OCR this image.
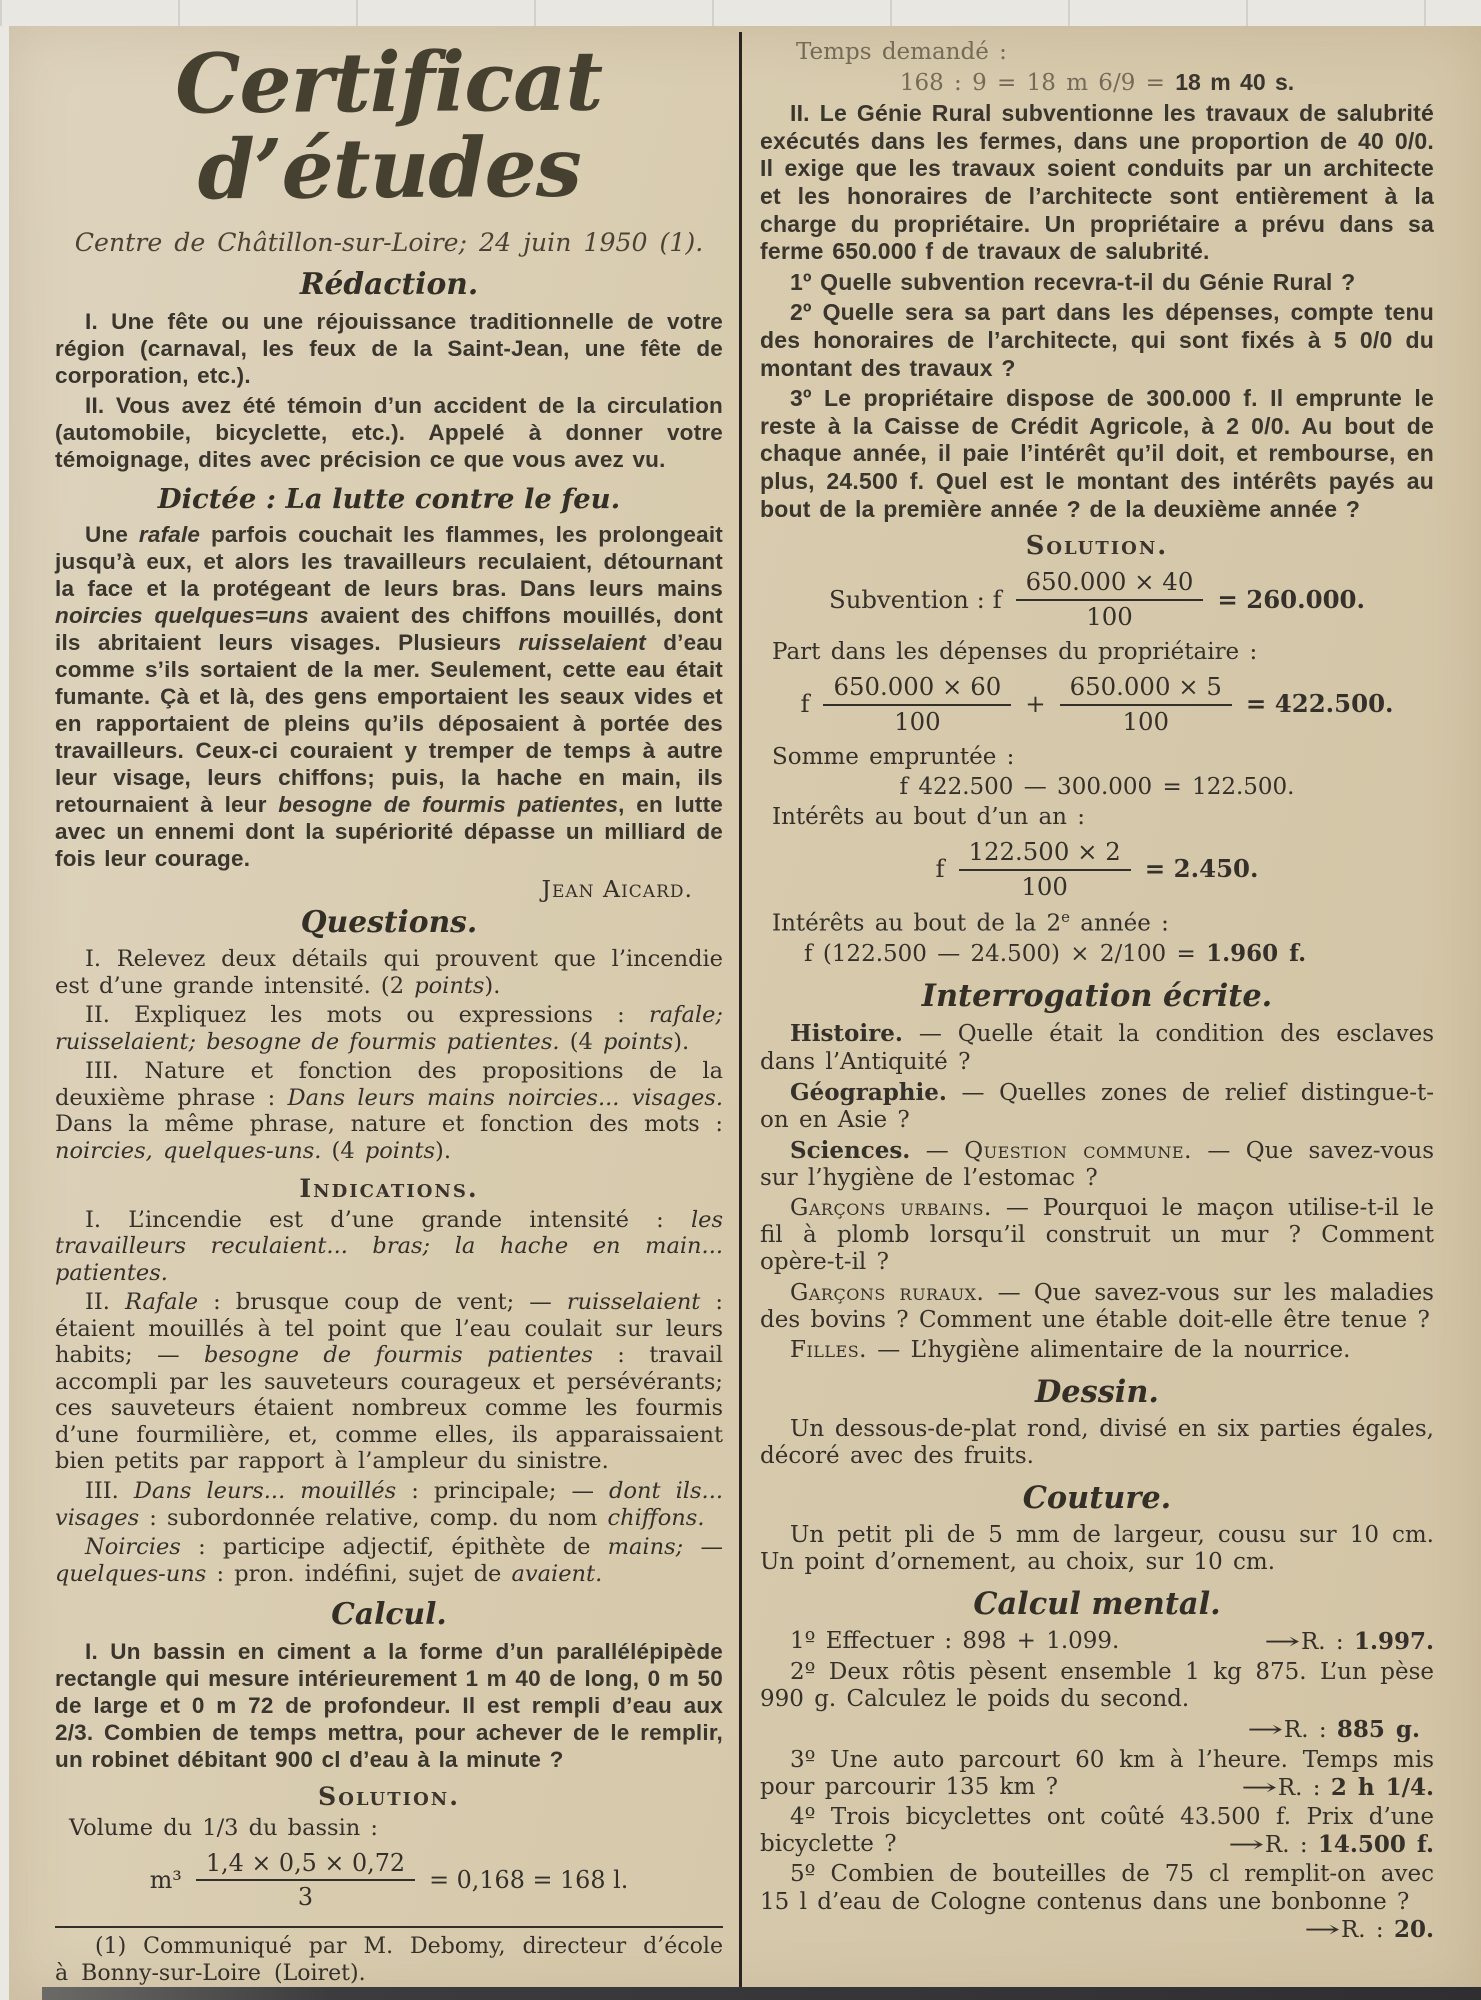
Certificat d’études

Centre de Châtillon-sur-Loire; 24 juin 1950 (1).

Rédaction.

I. Une fête ou une réjouissance traditionnelle de votre région (carnaval, les feux de la Saint-Jean, une fête de corporation, etc.).

II. Vous avez été témoin d’un accident de la circulation (automobile, bicyclette, etc.). Appelé à donner votre témoignage, dites avec précision ce que vous avez vu.

Dictée : La lutte contre le feu.

Une rafale parfois couchait les flammes, les prolongeait jusqu’à eux, et alors les travailleurs reculaient, détournant la face et la protégeant de leurs bras. Dans leurs mains noircies quelques=uns avaient des chiffons mouillés, dont ils abritaient leurs visages. Plusieurs ruisselaient d’eau comme s’ils sortaient de la mer. Seulement, cette eau était fumante. Çà et là, des gens emportaient les seaux vides et en rapportaient de pleins qu’ils déposaient à portée des travailleurs. Ceux-ci couraient y tremper de temps à autre leur visage, leurs chiffons; puis, la hache en main, ils retournaient à leur besogne de fourmis patientes, en lutte avec un ennemi dont la supériorité dépasse un milliard de fois leur courage.

Jean Aicard.

Questions.

I. Relevez deux détails qui prouvent que l’incendie est d’une grande intensité. (2 points).

II. Expliquez les mots ou expressions : rafale; ruisselaient; besogne de fourmis patientes. (4 points).

III. Nature et fonction des propositions de la deuxième phrase : Dans leurs mains noircies... visages. Dans la même phrase, nature et fonction des mots : noircies, quelques-uns. (4 points).

Indications.

I. L’incendie est d’une grande intensité : les travailleurs reculaient... bras; la hache en main... patientes.

II. Rafale : brusque coup de vent; — ruisselaient : étaient mouillés à tel point que l’eau coulait sur leurs habits; — besogne de fourmis patientes : travail accompli par les sauveteurs courageux et persévérants; ces sauveteurs étaient nombreux comme les fourmis d’une fourmilière, et, comme elles, ils apparaissaient bien petits par rapport à l’ampleur du sinistre.

III. Dans leurs... mouillés : principale; — dont ils... visages : subordonnée relative, comp. du nom chiffons.

Noircies : participe adjectif, épithète de mains; — quelques-uns : pron. indéfini, sujet de avaient.

Calcul.

I. Un bassin en ciment a la forme d’un parallélépipède rectangle qui mesure intérieurement 1 m 40 de long, 0 m 50 de large et 0 m 72 de profondeur. Il est rempli d’eau aux 2/3. Combien de temps mettra, pour achever de le remplir, un robinet débitant 900 cl d’eau à la minute ?

Solution.

Volume du 1/3 du bassin :

$m^3 \frac{1,4 \times 0,5 \times 0,72}{3} = 0,168 = 168$ l.

(1) Communiqué par M. Debomy, directeur d’école à Bonny-sur-Loire (Loiret).

Temps demandé :

168 : 9 = 18 m 6/9 = 18 m 40 s.

II. Le Génie Rural subventionne les travaux de salubrité exécutés dans les fermes, dans une proportion de 40 0/0. Il exige que les travaux soient conduits par un architecte et les honoraires de l’architecte sont entièrement à la charge du propriétaire. Un propriétaire a prévu dans sa ferme 650.000 f de travaux de salubrité.

1º Quelle subvention recevra-t-il du Génie Rural ?

2º Quelle sera sa part dans les dépenses, compte tenu des honoraires de l’architecte, qui sont fixés à 5 0/0 du montant des travaux ?

3º Le propriétaire dispose de 300.000 f. Il emprunte le reste à la Caisse de Crédit Agricole, à 2 0/0. Au bout de chaque année, il paie l’intérêt qu’il doit, et rembourse, en plus, 24.500 f. Quel est le montant des intérêts payés au bout de la première année ? de la deuxième année ?

Solution.
Subvention : f $\frac{650.000 \times 40}{100} = 260.000$.

Part dans les dépenses du propriétaire :

f $\frac{650.000 \times 60}{100} + \frac{650.000 \times 5}{100} = 422.500$.

Somme empruntée :

f 422.500 — 300.000 = 122.500.

Intérêts au bout d’un an :

f $\frac{122.500 \times 2}{100} = 2.450$.

Intérêts au bout de la 2e année :

f (122.500 — 24.500) × 2/100 = 1.960 f.

Interrogation écrite.

Histoire. — Quelle était la condition des esclaves dans l’Antiquité ?

Géographie. — Quelles zones de relief distingue-t-on en Asie ?

Sciences. — Question commune. — Que savez-vous sur l’hygiène de l’estomac ?

Garçons urbains. — Pourquoi le maçon utilise-t-il le fil à plomb lorsqu’il construit un mur ? Comment opère-t-il ?

Garçons ruraux. — Que savez-vous sur les maladies des bovins ? Comment une étable doit-elle être tenue ?

Filles. — L’hygiène alimentaire de la nourrice.

Dessin.

Un dessous-de-plat rond, divisé en six parties égales, décoré avec des fruits.

Couture.

Un petit pli de 5 mm de largeur, cousu sur 10 cm. Un point d’ornement, au choix, sur 10 cm.

Calcul mental.

1º Effectuer : 898 + 1.099.	→ R. : 1.997.

2º Deux rôtis pèsent ensemble 1 kg 875. L’un pèse 990 g. Calculez le poids du second.

→ R. : 885 g.

3º Une auto parcourt 60 km à l’heure. Temps mis pour parcourir 135 km ?	→ R. : 2 h 1/4.

4º Trois bicyclettes ont coûté 43.500 f. Prix d’une bicyclette ?	→ R. : 14.500 f.

5º Combien de bouteilles de 75 cl remplit-on avec 15 l d’eau de Cologne contenus dans une bonbonne ?
→ R. : 20.
